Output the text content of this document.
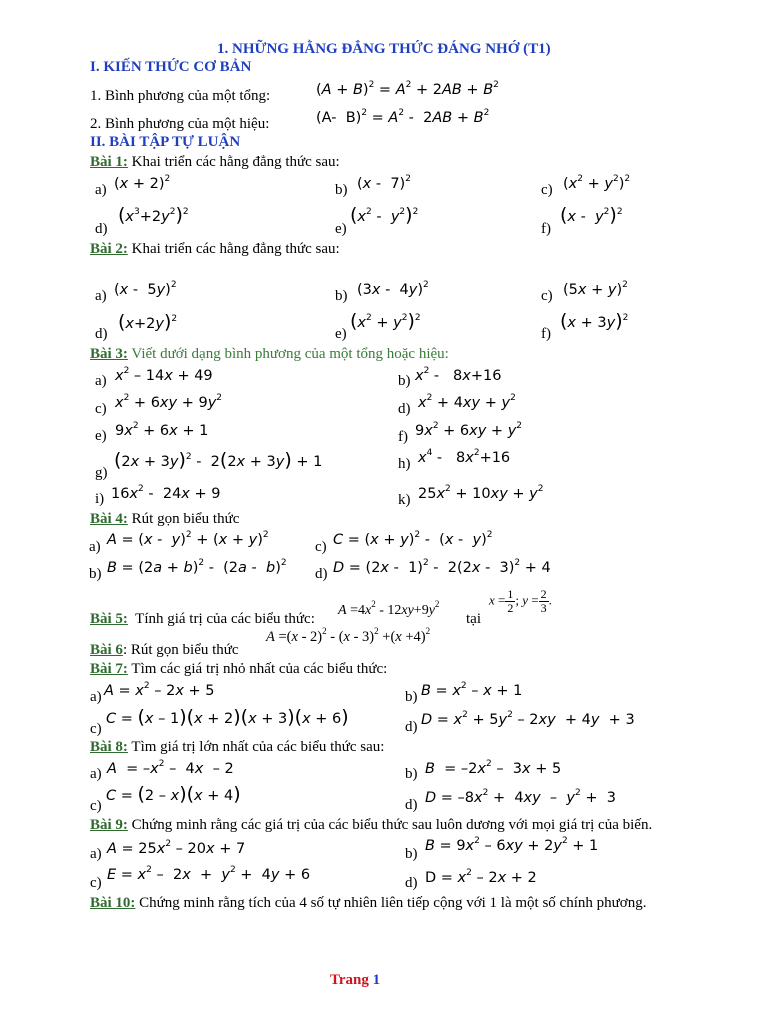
1. NHỮNG HẰNG ĐẲNG THỨC ĐÁNG NHỚ (T1)
I. KIẾN THỨC CƠ BẢN
1. Bình phương của một tổng:	$(A + B)^2 = A^2 + 2AB + B^2$
2. Bình phương của một hiệu:	(A-  $B)^2 = A^2 - 2AB + B^2$
II. BÀI TẬP TỰ LUẬN
Bài 1: Khai triển các hằng đẳng thức sau:
a) $(x + 2)^2$
b) (x -  7)$^2$
c) $(x^2 + y^2)^2$
d)
$(x^3+2y^2)^2$
e)
$(x^2 - y^2)^2$
f)
$(x - y^2)^2$
Bài 2: Khai triển các hằng đẳng thức sau:
a) (x -  5y)$^2$
b) (3x -  4y)$^2$
c) $(5x + y)^2$
d)
$(x+2y)^2$
e)
$(x^2 + y^2)^2$
f)
$(x + 3y)^2$
Bài 3: Viết dưới dạng bình phương của một tổng hoặc hiệu:
a) $x^2 - 14x + 49$	b) $x^2 - 8x+16$
c) $x^2 + 6xy + 9y^2$
d) $x^2 + 4xy + y^2$
e) $9x^2 + 6x + 1$	f) $9x^2 + 6xy + y^2$
g)
$(2x + 3y)^2 - 2(2x + 3y) + 1$	h) $x^4 - 8x^2+16$
i) $16x^2 - 24x + 9$	k) $25x^2 + 10xy + y^2$
Bài 4: Rút gọn biểu thức
a) $A = (x - y)^2 + (x + y)^2$
c) $C = (x + y)^2 - (x - y)^2$
b) $B = (2a + b)^2 - (2a - b)^2$
d) D = (2x -  1)$^2$ -  2(2x -  3)$^2$ + 4
Bài 5: Tính giá trị của các biểu thức:
$A =4x^2 - 12xy+9y^2$
tại
$x = \frac{1}{2}$ ; $y = \frac{2}{3}$ .
Bài 6: Rút gọn biểu thức
$A =(x - 2)^2 - (x - 3)^2 +(x +4)^2$
Bài 7: Tìm các giá trị nhỏ nhất của các biểu thức:
a) $A = x^2 - 2x + 5$	b) $B = x^2 - x + 1$
c)
C = (x – 1)(x + 2)(x + 3)(x + 6)	d) $D = x^2 + 5y^2 - 2xy + 4y + 3$
Bài 8: Tìm giá trị lớn nhất của các biểu thức sau:
a) $A = -x^2 - 4x - 2$	b) $B = -2x^2 - 3x + 5$
c)
C = (2 – x)(x + 4)	d) $D = -8x^2 + 4xy - y^2 + 3$
Bài 9: Chứng minh rằng các giá trị của các biểu thức sau luôn dương với mọi giá trị của biến.
a) $A = 25x^2 - 20x + 7$	b) $B = 9x^2 - 6xy + 2y^2 + 1$
c) $E = x^2 - 2x + y^2 + 4y + 6$	d) $D = x^2 - 2x + 2$
Bài 10: Chứng minh rằng tích của 4 số tự nhiên liên tiếp cộng với 1 là một số chính phương.
Trang 1
